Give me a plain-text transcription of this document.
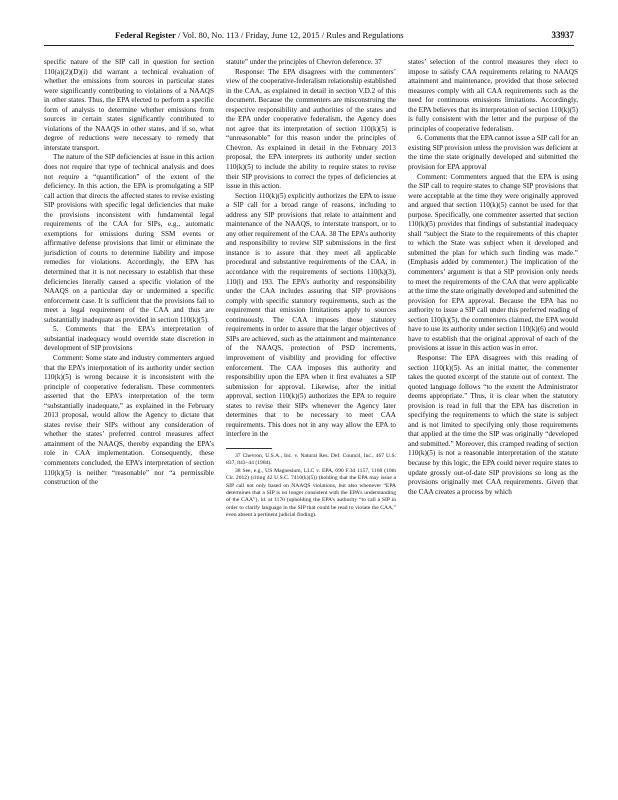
Federal Register / Vol. 80, No. 113 / Friday, June 12, 2015 / Rules and Regulations	33937

specific nature of the SIP call in question for section 110(a)(2)(D)(i) did warrant a technical evaluation of whether the emissions from sources in particular states were significantly contributing to violations of a NAAQS in other states. Thus, the EPA elected to perform a specific form of analysis to determine whether emissions from sources in certain states significantly contributed to violations of the NAAQS in other states, and if so, what degree of reductions were necessary to remedy that interstate transport.

The nature of the SIP deficiencies at issue in this action does not require that type of technical analysis and does not require a “quantification” of the extent of the deficiency. In this action, the EPA is promulgating a SIP call action that directs the affected states to revise existing SIP provisions with specific legal deficiencies that make the provisions inconsistent with fundamental legal requirements of the CAA for SIPs, e.g., automatic exemptions for emissions during SSM events or affirmative defense provisions that limit or eliminate the jurisdiction of courts to determine liability and impose remedies for violations. Accordingly, the EPA has determined that it is not necessary to establish that these deficiencies literally caused a specific violation of the NAAQS on a particular day or undermined a specific enforcement case. It is sufficient that the provisions fail to meet a legal requirement of the CAA and thus are substantially inadequate as provided in section 110(k)(5).

5. Comments that the EPA’s interpretation of substantial inadequacy would override state discretion in development of SIP provisions

Comment: Some state and industry commenters argued that the EPA’s interpretation of its authority under section 110(k)(5) is wrong because it is inconsistent with the principle of cooperative federalism. These commenters asserted that the EPA’s interpretation of the term “substantially inadequate,” as explained in the February 2013 proposal, would allow the Agency to dictate that states revise their SIPs without any consideration of whether the states’ preferred control measures affect attainment of the NAAQS, thereby expanding the EPA’s role in CAA implementation. Consequently, these commenters concluded, the EPA’s interpretation of section 110(k)(5) is neither “reasonable” nor “a permissible construction of the

statute” under the principles of Chevron deference. 37

Response: The EPA disagrees with the commenters’ view of the cooperative-federalism relationship established in the CAA, as explained in detail in section V.D.2 of this document. Because the commenters are misconstruing the respective responsibility and authorities of the states and the EPA under cooperative federalism, the Agency does not agree that its interpretation of section 110(k)(5) is “unreasonable” for this reason under the principles of Chevron. As explained in detail in the February 2013 proposal, the EPA interprets its authority under section 110(k)(5) to include the ability to require states to revise their SIP provisions to correct the types of deficiencies at issue in this action.

Section 110(k)(5) explicitly authorizes the EPA to issue a SIP call for a broad range of reasons, including to address any SIP provisions that relate to attainment and maintenance of the NAAQS, to interstate transport, or to any other requirement of the CAA. 38 The EPA’s authority and responsibility to review SIP submissions in the first instance is to assure that they meet all applicable procedural and substantive requirements of the CAA, in accordance with the requirements of sections 110(k)(3), 110(l) and 193. The EPA’s authority and responsibility under the CAA includes assuring that SIP provisions comply with specific statutory requirements, such as the requirement that emission limitations apply to sources continuously. The CAA imposes those statutory requirements in order to assure that the larger objectives of SIPs are achieved, such as the attainment and maintenance of the NAAQS, protection of PSD increments, improvement of visibility and providing for effective enforcement. The CAA imposes this authority and responsibility upon the EPA when it first evaluates a SIP submission for approval. Likewise, after the initial approval, section 110(k)(5) authorizes the EPA to require states to revise their SIPs whenever the Agency later determines that to be necessary to meet CAA requirements. This does not in any way allow the EPA to interfere in the

37 Chevron, U.S.A., Inc. v. Natural Res. Def. Council, Inc., 467 U.S. 837, 843–44 (1984).

38 See, e.g., US Magnesium, LLC v. EPA, 690 F.3d 1157, 1168 (10th Cir. 2012) (citing 42 U.S.C. 7410(k)(5)) (holding that the EPA may issue a SIP call not only based on NAAQS violations, but also whenever “EPA determines that a SIP is no longer consistent with the EPA’s understanding of the CAA”), id. at 1170 (upholding the EPA’s authority “to call a SIP in order to clarify language in the SIP that could be read to violate the CAA,” even absent a pertinent judicial finding).

states’ selection of the control measures they elect to impose to satisfy CAA requirements relating to NAAQS attainment and maintenance, provided that those selected measures comply with all CAA requirements such as the need for continuous emissions limitations. Accordingly, the EPA believes that its interpretation of section 110(k)(5) is fully consistent with the letter and the purpose of the principles of cooperative federalism.

6. Comments that the EPA cannot issue a SIP call for an existing SIP provision unless the provision was deficient at the time the state originally developed and submitted the provision for EPA approval

Comment: Commenters argued that the EPA is using the SIP call to require states to change SIP provisions that were acceptable at the time they were originally approved and argued that section 110(k)(5) cannot be used for that purpose. Specifically, one commenter asserted that section 110(k)(5) provides that findings of substantial inadequacy shall “subject the State to the requirements of this chapter to which the State was subject when it developed and submitted the plan for which such finding was made.” (Emphasis added by commenter.) The implication of the commenters’ argument is that a SIP provision only needs to meet the requirements of the CAA that were applicable at the time the state originally developed and submitted the provision for EPA approval. Because the EPA has no authority to issue a SIP call under this preferred reading of section 110(k)(5), the commenters claimed, the EPA would have to use its authority under section 110(k)(6) and would have to establish that the original approval of each of the provisions at issue in this action was in error.

Response: The EPA disagrees with this reading of section 110(k)(5). As an initial matter, the commenter takes the quoted excerpt of the statute out of context. The quoted language follows “to the extent the Administrator deems appropriate.” Thus, it is clear when the statutory provision is read in full that the EPA has discretion in specifying the requirements to which the state is subject and is not limited to specifying only those requirements that applied at the time the SIP was originally “developed and submitted.” Moreover, this cramped reading of section 110(k)(5) is not a reasonable interpretation of the statute because by this logic, the EPA could never require states to update grossly out-of-date SIP provisions so long as the provisions originally met CAA requirements. Given that the CAA creates a process by which
